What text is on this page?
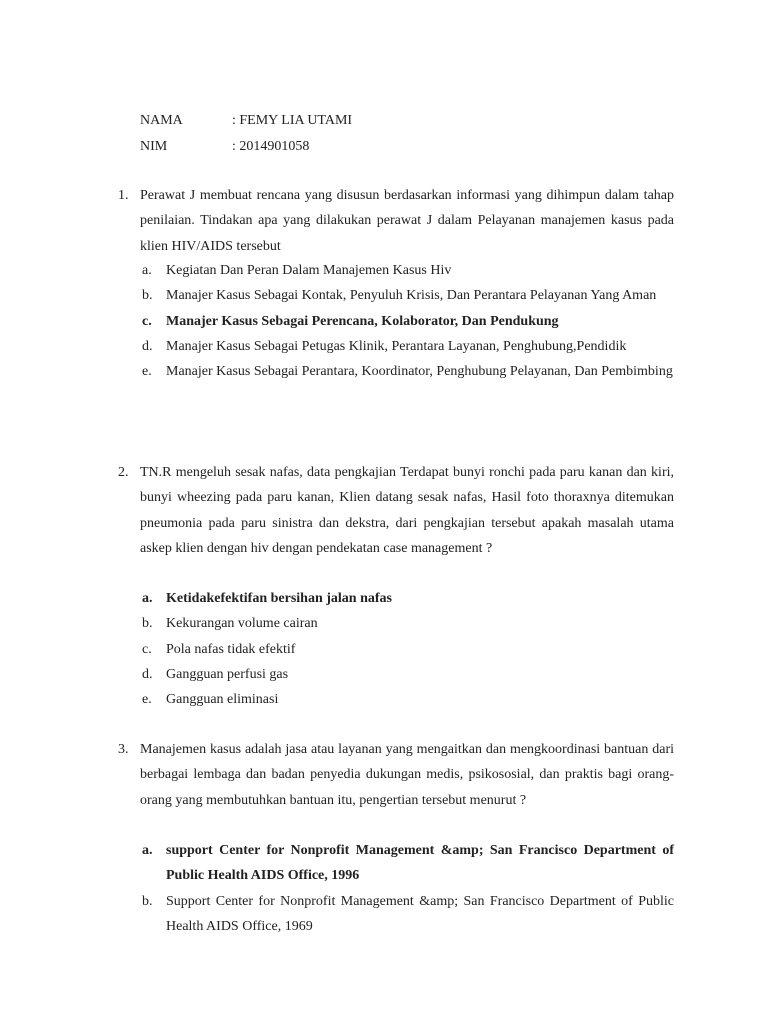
NAMA	: FEMY LIA UTAMI
NIM	: 2014901058
1. Perawat J membuat rencana yang disusun berdasarkan informasi yang dihimpun dalam tahap penilaian. Tindakan apa yang dilakukan perawat J dalam Pelayanan manajemen kasus pada klien HIV/AIDS tersebut
a. Kegiatan Dan Peran Dalam Manajemen Kasus Hiv
b. Manajer Kasus Sebagai Kontak, Penyuluh Krisis, Dan Perantara Pelayanan Yang Aman
c. Manajer Kasus Sebagai Perencana, Kolaborator, Dan Pendukung
d. Manajer Kasus Sebagai Petugas Klinik, Perantara Layanan, Penghubung,Pendidik
e. Manajer Kasus Sebagai Perantara, Koordinator, Penghubung Pelayanan, Dan Pembimbing
2. TN.R mengeluh sesak nafas, data pengkajian Terdapat bunyi ronchi pada paru kanan dan kiri, bunyi wheezing pada paru kanan, Klien datang sesak nafas, Hasil foto thoraxnya ditemukan pneumonia pada paru sinistra dan dekstra, dari pengkajian tersebut apakah masalah utama askep klien dengan hiv dengan pendekatan case management ?
a. Ketidakefektifan bersihan jalan nafas
b. Kekurangan volume cairan
c. Pola nafas tidak efektif
d. Gangguan perfusi gas
e. Gangguan eliminasi
3. Manajemen kasus adalah jasa atau layanan yang mengaitkan dan mengkoordinasi bantuan dari berbagai lembaga dan badan penyedia dukungan medis, psikososial, dan praktis bagi orang-orang yang membutuhkan bantuan itu, pengertian tersebut menurut ?
a. support Center for Nonprofit Management &amp; San Francisco Department of Public Health AIDS Office, 1996
b. Support Center for Nonprofit Management &amp; San Francisco Department of Public Health AIDS Office, 1969
